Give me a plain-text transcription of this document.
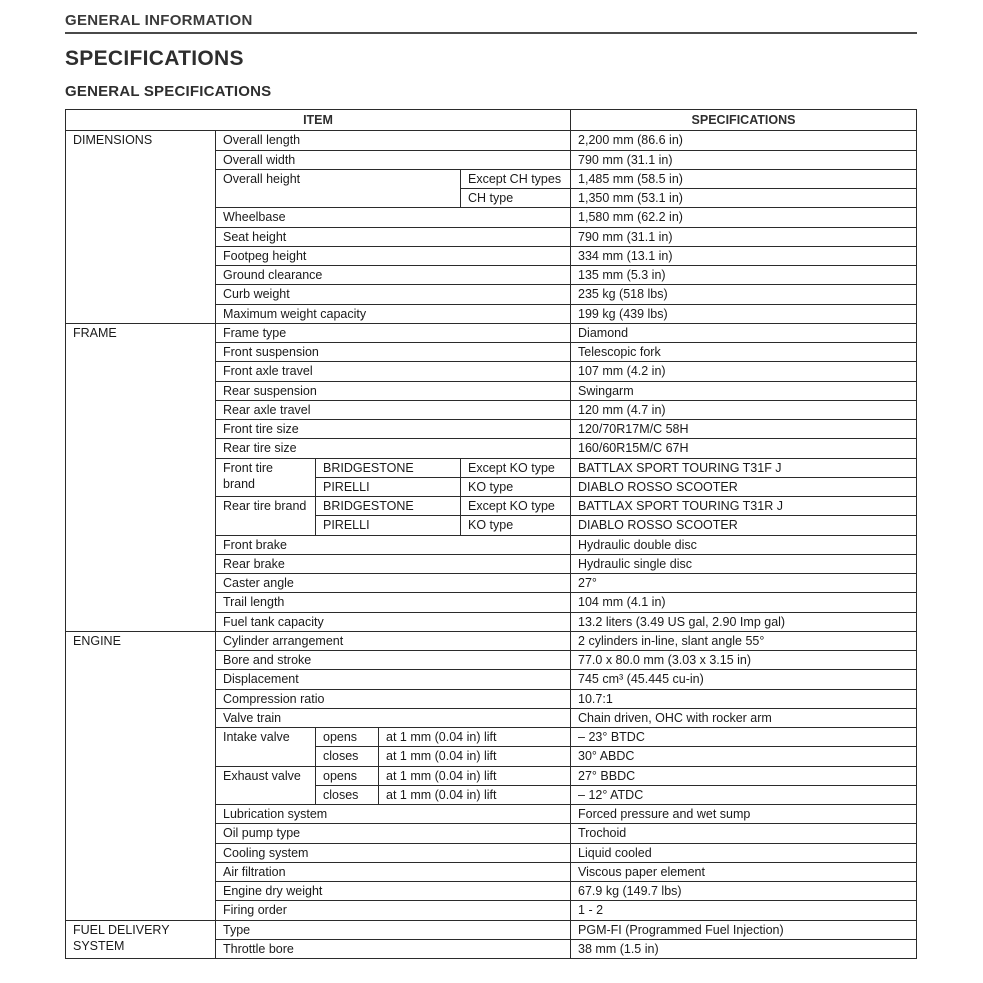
GENERAL INFORMATION
SPECIFICATIONS
GENERAL SPECIFICATIONS
ITEM					SPECIFICATIONS
DIMENSIONS	Overall length				2,200 mm (86.6 in)
	Overall width				790 mm (31.1 in)
	Overall height			Except CH types	1,485 mm (58.5 in)
				CH type	1,350 mm (53.1 in)
	Wheelbase				1,580 mm (62.2 in)
	Seat height				790 mm (31.1 in)
	Footpeg height				334 mm (13.1 in)
	Ground clearance				135 mm (5.3 in)
	Curb weight				235 kg (518 lbs)
	Maximum weight capacity				199 kg (439 lbs)
FRAME	Frame type				Diamond
	Front suspension				Telescopic fork
	Front axle travel				107 mm (4.2 in)
	Rear suspension				Swingarm
	Rear axle travel				120 mm (4.7 in)
	Front tire size				120/70R17M/C 58H
	Rear tire size				160/60R15M/C 67H
	Front tire brand	BRIDGESTONE		Except KO type	BATTLAX SPORT TOURING T31F J
		PIRELLI		KO type	DIABLO ROSSO SCOOTER
	Rear tire brand	BRIDGESTONE		Except KO type	BATTLAX SPORT TOURING T31R J
		PIRELLI		KO type	DIABLO ROSSO SCOOTER
	Front brake				Hydraulic double disc
	Rear brake				Hydraulic single disc
	Caster angle				27°
	Trail length				104 mm (4.1 in)
	Fuel tank capacity				13.2 liters (3.49 US gal, 2.90 Imp gal)
ENGINE	Cylinder arrangement				2 cylinders in-line, slant angle 55°
	Bore and stroke				77.0 x 80.0 mm (3.03 x 3.15 in)
	Displacement				745 cm³ (45.445 cu-in)
	Compression ratio				10.7:1
	Valve train				Chain driven, OHC with rocker arm
	Intake valve	opens	at 1 mm (0.04 in) lift		– 23° BTDC
		closes	at 1 mm (0.04 in) lift		30° ABDC
	Exhaust valve	opens	at 1 mm (0.04 in) lift		27° BBDC
		closes	at 1 mm (0.04 in) lift		– 12° ATDC
	Lubrication system				Forced pressure and wet sump
	Oil pump type				Trochoid
	Cooling system				Liquid cooled
	Air filtration				Viscous paper element
	Engine dry weight				67.9 kg (149.7 lbs)
	Firing order				1 - 2
FUEL DELIVERY SYSTEM	Type				PGM-FI (Programmed Fuel Injection)
	Throttle bore				38 mm (1.5 in)
